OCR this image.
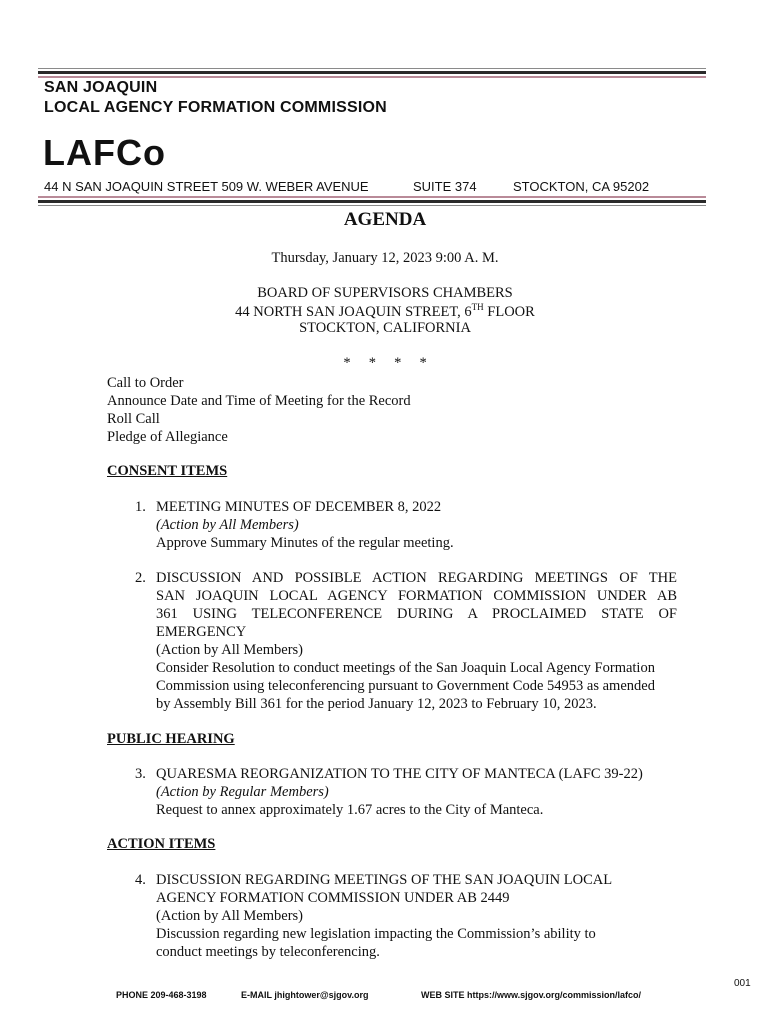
SAN JOAQUIN
LOCAL AGENCY FORMATION COMMISSION
LAFCo
44 N SAN JOAQUIN STREET 509 W. WEBER AVENUE	SUITE 374	STOCKTON, CA 95202
AGENDA
Thursday, January 12, 2023 9:00 A. M.
BOARD OF SUPERVISORS CHAMBERS
44 NORTH SAN JOAQUIN STREET, 6TH FLOOR
STOCKTON, CALIFORNIA
*     *     *     *
Call to Order
Announce Date and Time of Meeting for the Record
Roll Call
Pledge of Allegiance
CONSENT ITEMS
1. MEETING MINUTES OF DECEMBER 8, 2022
(Action by All Members)
Approve Summary Minutes of the regular meeting.
2. DISCUSSION AND POSSIBLE ACTION REGARDING MEETINGS OF THE
SAN JOAQUIN LOCAL AGENCY FORMATION COMMISSION UNDER AB
361 USING TELECONFERENCE DURING A PROCLAIMED STATE OF
EMERGENCY
(Action by All Members)
Consider Resolution to conduct meetings of the San Joaquin Local Agency Formation
Commission using teleconferencing pursuant to Government Code 54953 as amended
by Assembly Bill 361 for the period January 12, 2023 to February 10, 2023.
PUBLIC HEARING
3. QUARESMA REORGANIZATION TO THE CITY OF MANTECA (LAFC 39-22)
(Action by Regular Members)
Request to annex approximately 1.67 acres to the City of Manteca.
ACTION ITEMS
4. DISCUSSION REGARDING MEETINGS OF THE SAN JOAQUIN LOCAL
AGENCY FORMATION COMMISSION UNDER AB 2449
(Action by All Members)
Discussion regarding new legislation impacting the Commission’s ability to
conduct meetings by teleconferencing.
001
PHONE 209-468-3198	E-MAIL jhightower@sjgov.org	WEB SITE https://www.sjgov.org/commission/lafco/
